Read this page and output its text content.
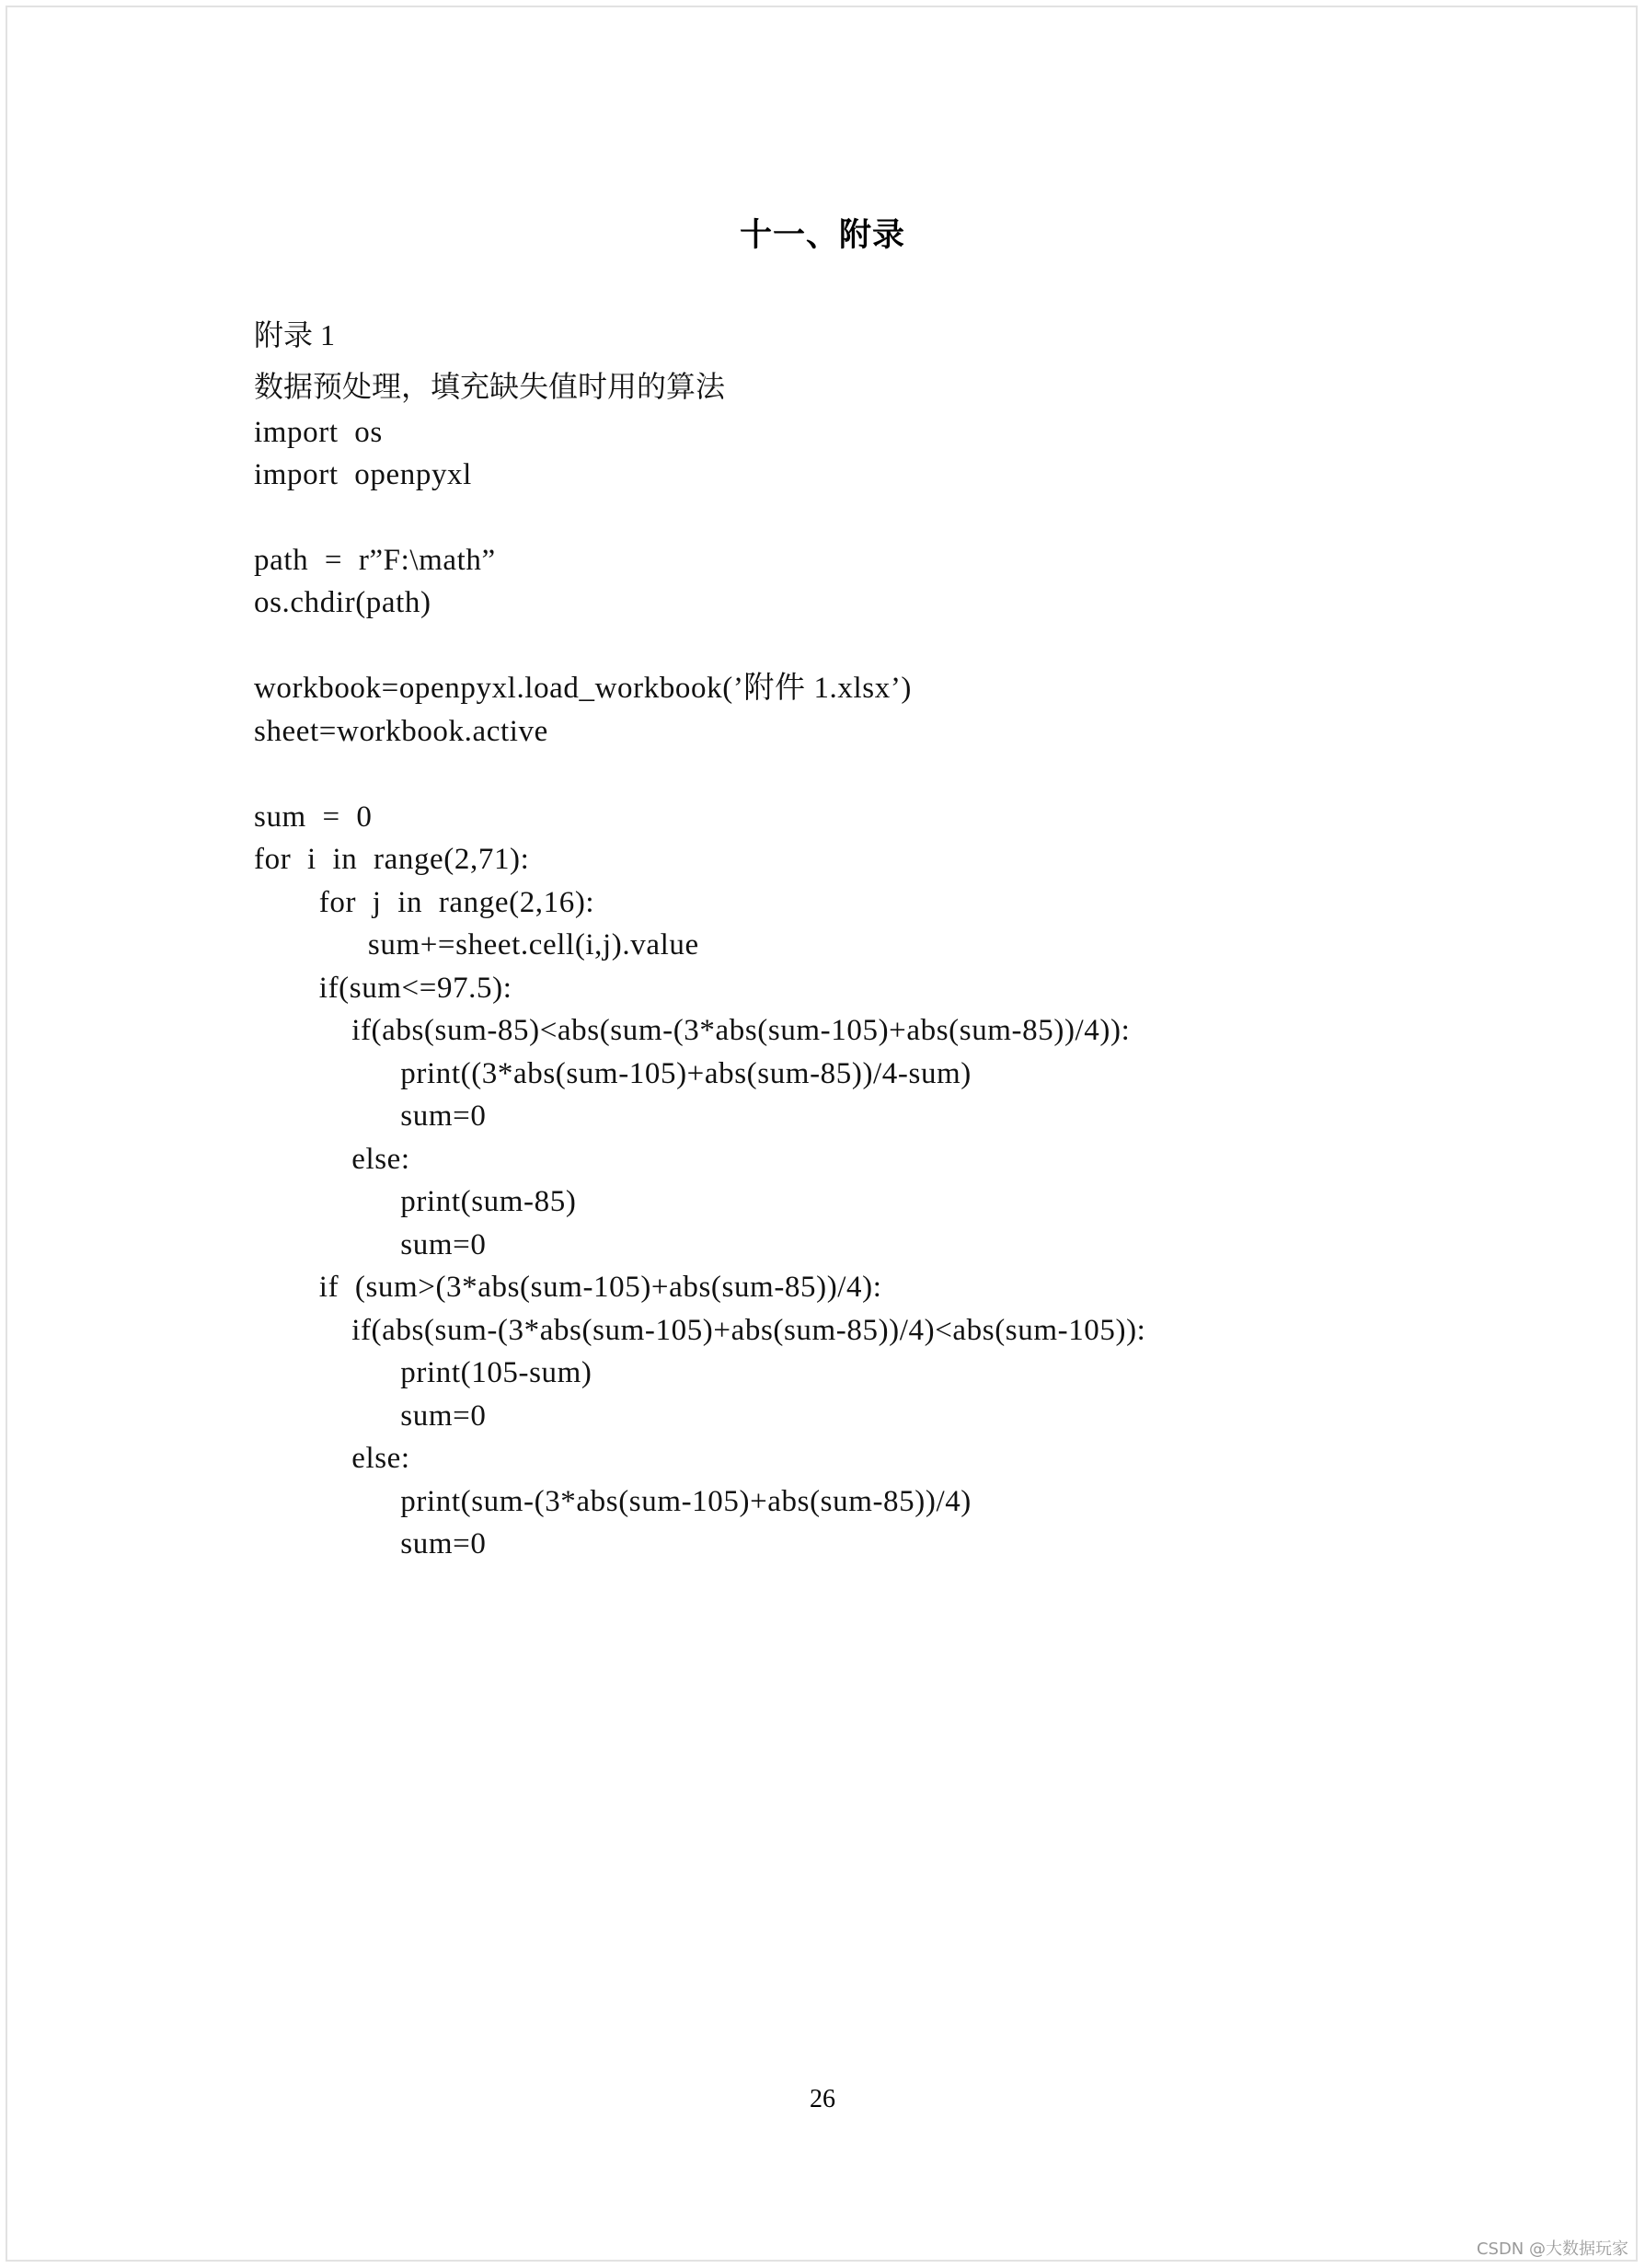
十一、附录
附录 1
数据预处理，填充缺失值时用的算法
import  os
import  openpyxl
path  =  r”F:\math”
os.chdir(path)
workbook=openpyxl.load_workbook(’附件 1.xlsx’)
sheet=workbook.active
sum  =  0
for  i  in  range(2,71):
for  j  in  range(2,16):
sum+=sheet.cell(i,j).value
if(sum<=97.5):
if(abs(sum-85)<abs(sum-(3*abs(sum-105)+abs(sum-85))/4)):
print((3*abs(sum-105)+abs(sum-85))/4-sum)
sum=0
else:
print(sum-85)
sum=0
if  (sum>(3*abs(sum-105)+abs(sum-85))/4):
if(abs(sum-(3*abs(sum-105)+abs(sum-85))/4)<abs(sum-105)):
print(105-sum)
sum=0
else:
print(sum-(3*abs(sum-105)+abs(sum-85))/4)
sum=0
26
CSDN @大数据玩家
